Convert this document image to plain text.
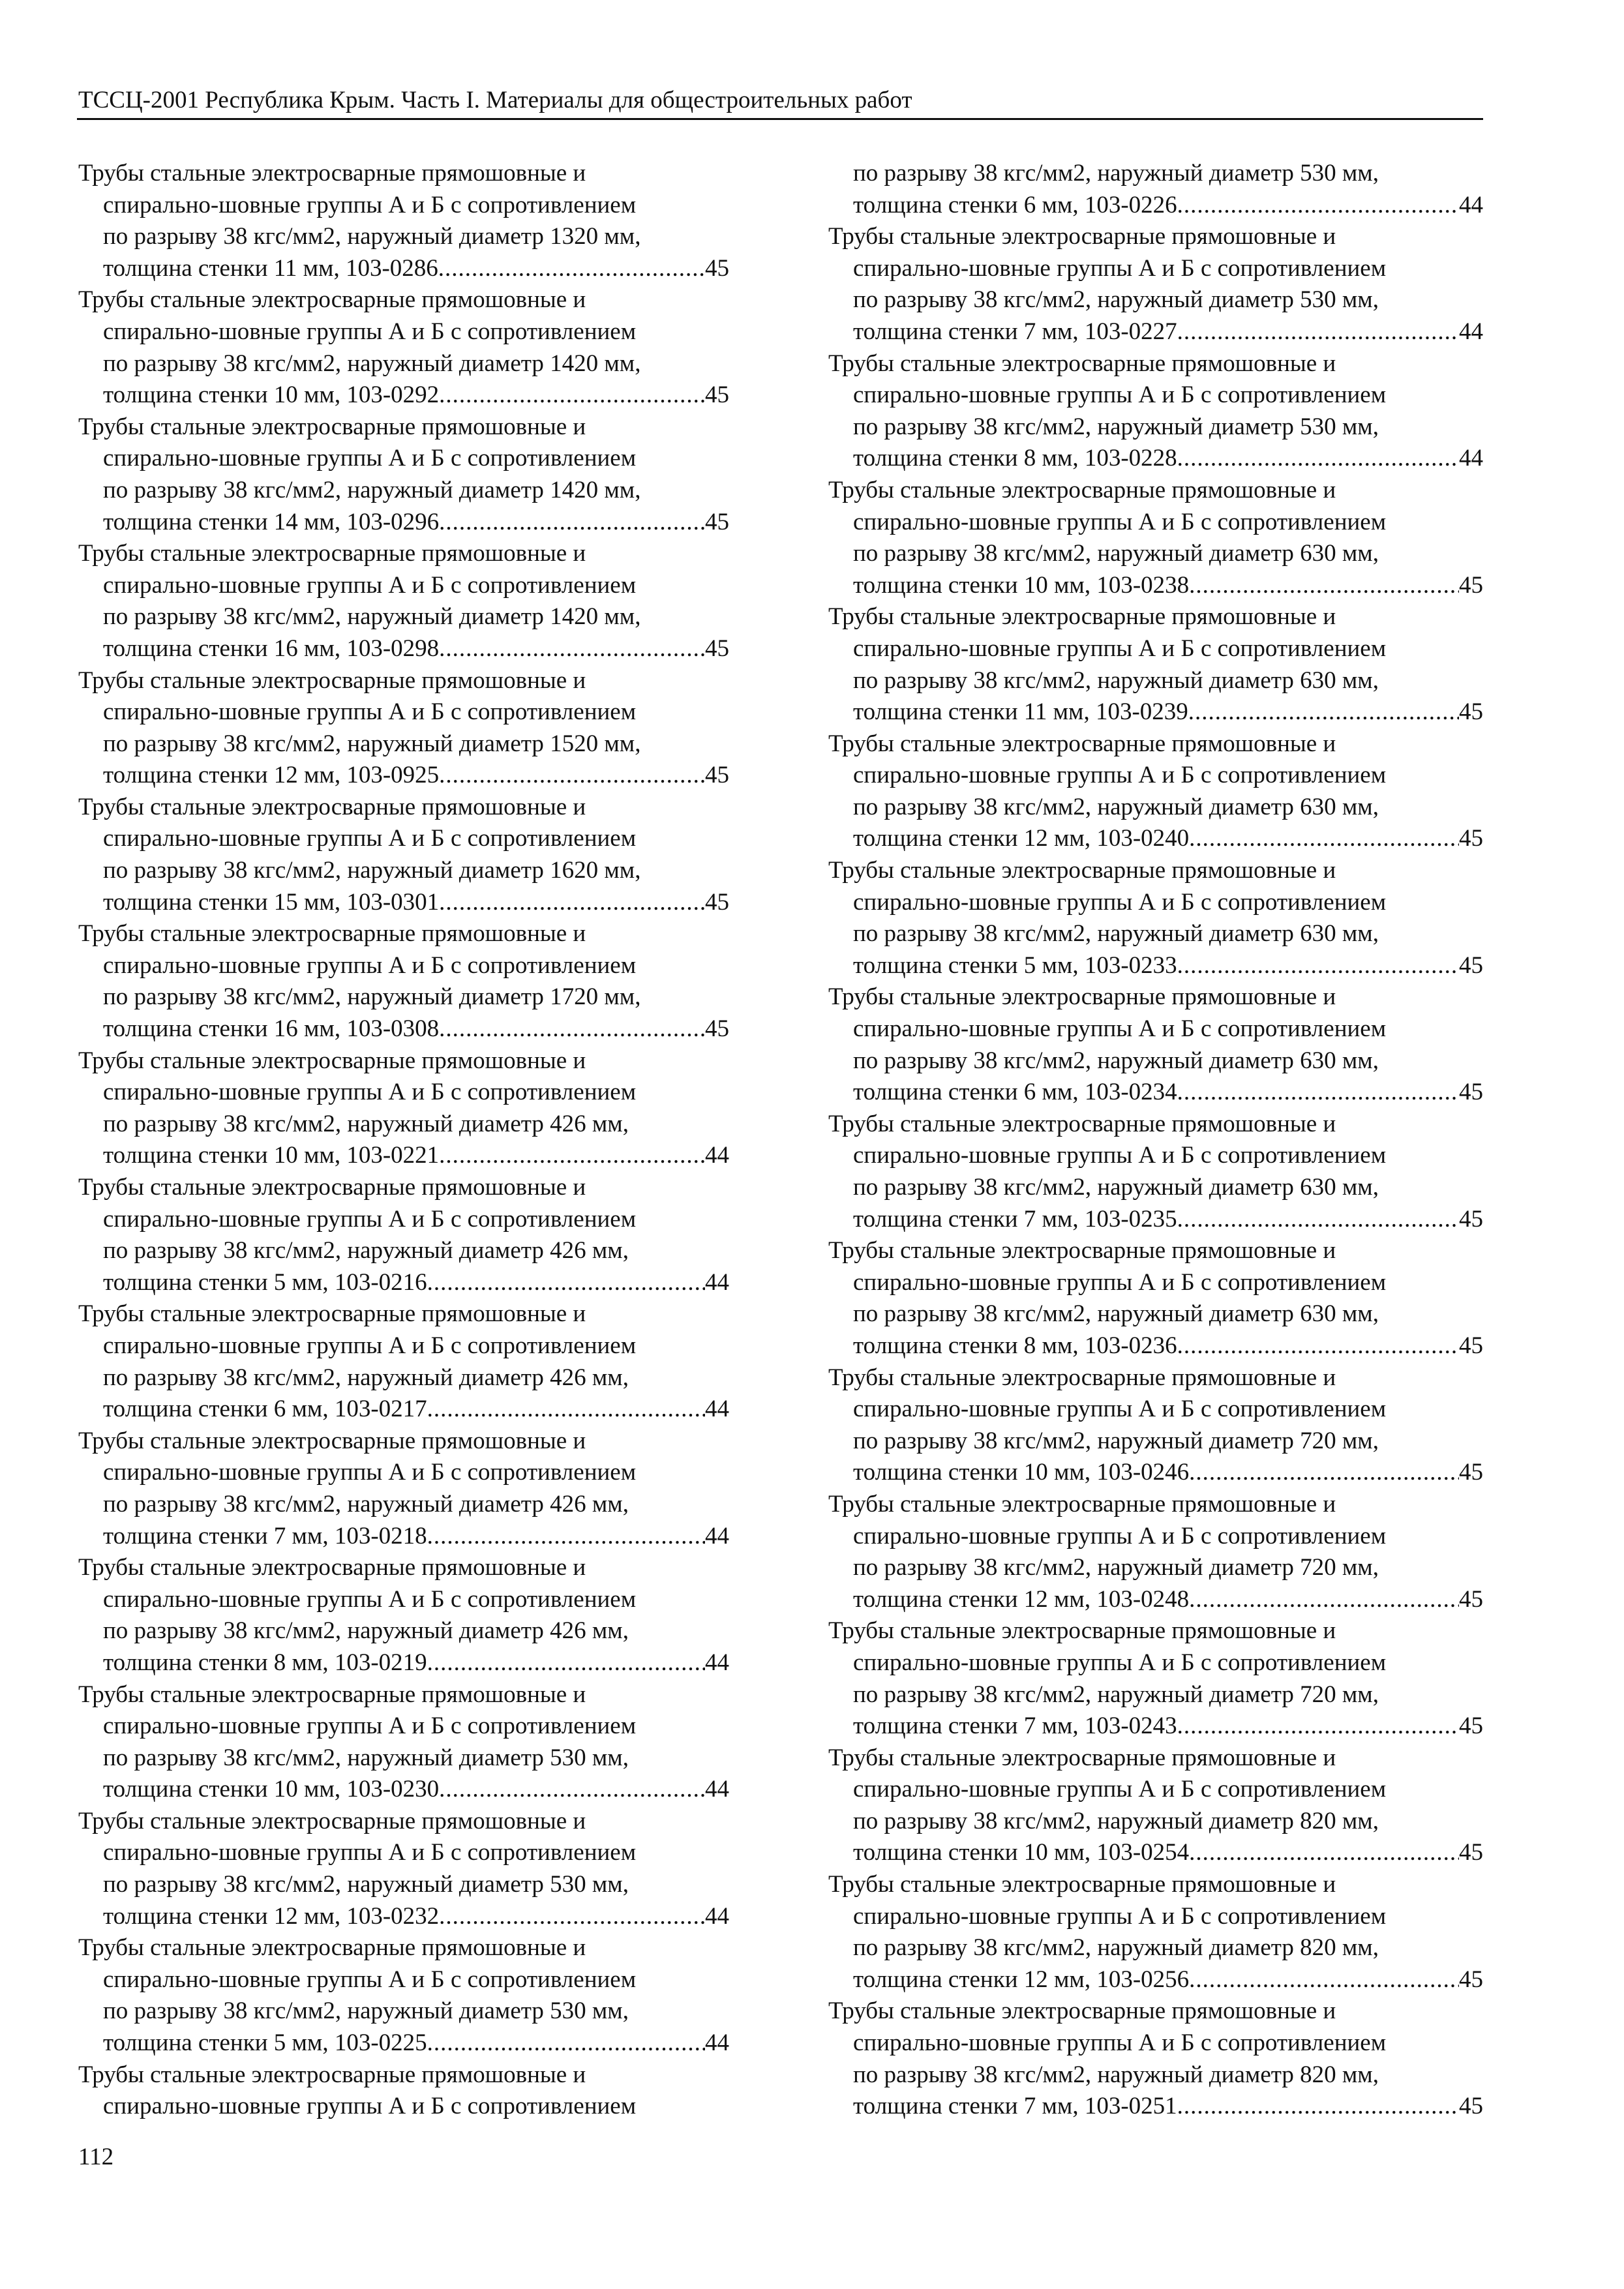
ТССЦ-2001 Республика Крым. Часть I. Материалы для общестроительных работ
Трубы стальные электросварные прямошовные и
спирально-шовные группы А и Б с сопротивлением
по разрыву 38 кгс/мм2, наружный диаметр 1320 мм,
толщина стенки 11 мм, 103-0286 .....	45
Трубы стальные электросварные прямошовные и
спирально-шовные группы А и Б с сопротивлением
по разрыву 38 кгс/мм2, наружный диаметр 1420 мм,
толщина стенки 10 мм, 103-0292 .....	45
Трубы стальные электросварные прямошовные и
спирально-шовные группы А и Б с сопротивлением
по разрыву 38 кгс/мм2, наружный диаметр 1420 мм,
толщина стенки 14 мм, 103-0296 .....	45
Трубы стальные электросварные прямошовные и
спирально-шовные группы А и Б с сопротивлением
по разрыву 38 кгс/мм2, наружный диаметр 1420 мм,
толщина стенки 16 мм, 103-0298 .....	45
Трубы стальные электросварные прямошовные и
спирально-шовные группы А и Б с сопротивлением
по разрыву 38 кгс/мм2, наружный диаметр 1520 мм,
толщина стенки 12 мм, 103-0925 .....	45
Трубы стальные электросварные прямошовные и
спирально-шовные группы А и Б с сопротивлением
по разрыву 38 кгс/мм2, наружный диаметр 1620 мм,
толщина стенки 15 мм, 103-0301 .....	45
Трубы стальные электросварные прямошовные и
спирально-шовные группы А и Б с сопротивлением
по разрыву 38 кгс/мм2, наружный диаметр 1720 мм,
толщина стенки 16 мм, 103-0308 .....	45
Трубы стальные электросварные прямошовные и
спирально-шовные группы А и Б с сопротивлением
по разрыву 38 кгс/мм2, наружный диаметр 426 мм,
толщина стенки 10 мм, 103-0221 .....	44
Трубы стальные электросварные прямошовные и
спирально-шовные группы А и Б с сопротивлением
по разрыву 38 кгс/мм2, наружный диаметр 426 мм,
толщина стенки 5 мм, 103-0216 .....	44
Трубы стальные электросварные прямошовные и
спирально-шовные группы А и Б с сопротивлением
по разрыву 38 кгс/мм2, наружный диаметр 426 мм,
толщина стенки 6 мм, 103-0217 .....	44
Трубы стальные электросварные прямошовные и
спирально-шовные группы А и Б с сопротивлением
по разрыву 38 кгс/мм2, наружный диаметр 426 мм,
толщина стенки 7 мм, 103-0218 .....	44
Трубы стальные электросварные прямошовные и
спирально-шовные группы А и Б с сопротивлением
по разрыву 38 кгс/мм2, наружный диаметр 426 мм,
толщина стенки 8 мм, 103-0219 .....	44
Трубы стальные электросварные прямошовные и
спирально-шовные группы А и Б с сопротивлением
по разрыву 38 кгс/мм2, наружный диаметр 530 мм,
толщина стенки 10 мм, 103-0230 .....	44
Трубы стальные электросварные прямошовные и
спирально-шовные группы А и Б с сопротивлением
по разрыву 38 кгс/мм2, наружный диаметр 530 мм,
толщина стенки 12 мм, 103-0232 .....	44
Трубы стальные электросварные прямошовные и
спирально-шовные группы А и Б с сопротивлением
по разрыву 38 кгс/мм2, наружный диаметр 530 мм,
толщина стенки 5 мм, 103-0225 .....	44
Трубы стальные электросварные прямошовные и
спирально-шовные группы А и Б с сопротивлением
по разрыву 38 кгс/мм2, наружный диаметр 530 мм,
толщина стенки 6 мм, 103-0226 .....	44
Трубы стальные электросварные прямошовные и
спирально-шовные группы А и Б с сопротивлением
по разрыву 38 кгс/мм2, наружный диаметр 530 мм,
толщина стенки 7 мм, 103-0227 .....	44
Трубы стальные электросварные прямошовные и
спирально-шовные группы А и Б с сопротивлением
по разрыву 38 кгс/мм2, наружный диаметр 530 мм,
толщина стенки 8 мм, 103-0228 .....	44
Трубы стальные электросварные прямошовные и
спирально-шовные группы А и Б с сопротивлением
по разрыву 38 кгс/мм2, наружный диаметр 630 мм,
толщина стенки 10 мм, 103-0238 .....	45
Трубы стальные электросварные прямошовные и
спирально-шовные группы А и Б с сопротивлением
по разрыву 38 кгс/мм2, наружный диаметр 630 мм,
толщина стенки 11 мм, 103-0239 .....	45
Трубы стальные электросварные прямошовные и
спирально-шовные группы А и Б с сопротивлением
по разрыву 38 кгс/мм2, наружный диаметр 630 мм,
толщина стенки 12 мм, 103-0240 .....	45
Трубы стальные электросварные прямошовные и
спирально-шовные группы А и Б с сопротивлением
по разрыву 38 кгс/мм2, наружный диаметр 630 мм,
толщина стенки 5 мм, 103-0233 .....	45
Трубы стальные электросварные прямошовные и
спирально-шовные группы А и Б с сопротивлением
по разрыву 38 кгс/мм2, наружный диаметр 630 мм,
толщина стенки 6 мм, 103-0234 .....	45
Трубы стальные электросварные прямошовные и
спирально-шовные группы А и Б с сопротивлением
по разрыву 38 кгс/мм2, наружный диаметр 630 мм,
толщина стенки 7 мм, 103-0235 .....	45
Трубы стальные электросварные прямошовные и
спирально-шовные группы А и Б с сопротивлением
по разрыву 38 кгс/мм2, наружный диаметр 630 мм,
толщина стенки 8 мм, 103-0236 .....	45
Трубы стальные электросварные прямошовные и
спирально-шовные группы А и Б с сопротивлением
по разрыву 38 кгс/мм2, наружный диаметр 720 мм,
толщина стенки 10 мм, 103-0246 .....	45
Трубы стальные электросварные прямошовные и
спирально-шовные группы А и Б с сопротивлением
по разрыву 38 кгс/мм2, наружный диаметр 720 мм,
толщина стенки 12 мм, 103-0248 .....	45
Трубы стальные электросварные прямошовные и
спирально-шовные группы А и Б с сопротивлением
по разрыву 38 кгс/мм2, наружный диаметр 720 мм,
толщина стенки 7 мм, 103-0243 .....	45
Трубы стальные электросварные прямошовные и
спирально-шовные группы А и Б с сопротивлением
по разрыву 38 кгс/мм2, наружный диаметр 820 мм,
толщина стенки 10 мм, 103-0254 .....	45
Трубы стальные электросварные прямошовные и
спирально-шовные группы А и Б с сопротивлением
по разрыву 38 кгс/мм2, наружный диаметр 820 мм,
толщина стенки 12 мм, 103-0256 .....	45
Трубы стальные электросварные прямошовные и
спирально-шовные группы А и Б с сопротивлением
по разрыву 38 кгс/мм2, наружный диаметр 820 мм,
толщина стенки 7 мм, 103-0251 .....	45
112
